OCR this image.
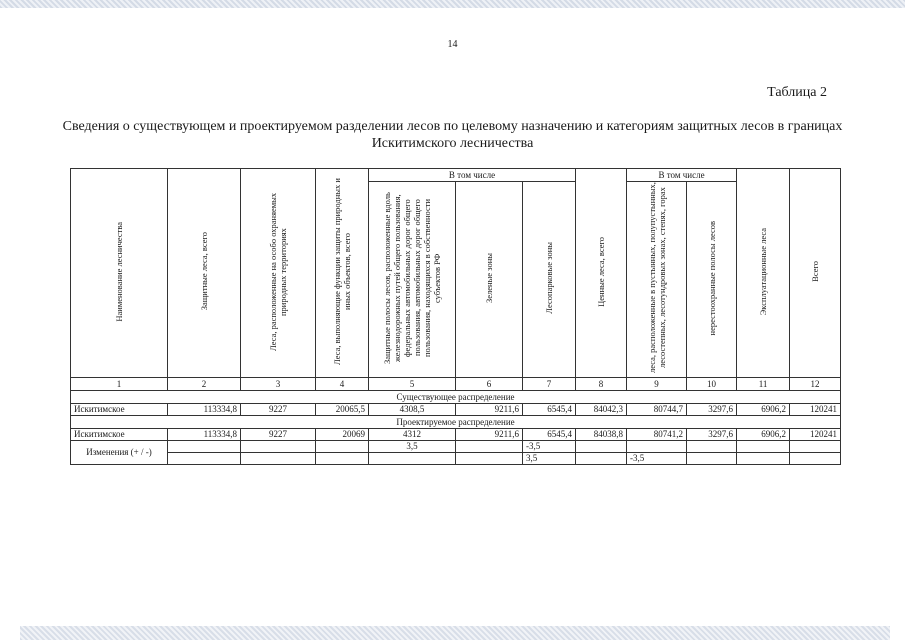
14
Таблица 2
Сведения о существующем и проектируемом разделении лесов по целевому назначению и категориям защитных лесов в границах Искитимского лесничества
Наименование лесничества	Защитные леса, всего	Леса, расположенные на особо охраняемых природных территориях	Леса, выполняющие функции защиты природных и иных объектов, всего	В том числе			Ценные леса, всего	В том числе		Эксплуатационные леса	Всего
				Защитные полосы лесов, расположенные вдоль железнодорожных путей общего пользования, федеральных автомобильных дорог общего пользования, автомобильных дорог общего пользования, находящихся в собственности субъектов РФ	Зеленые зоны	Лесопарковые зоны		леса, расположенные в пустынных, полупустынных, лесостепных, лесотундровых зонах, степях, горах	нерестоохранные полосы лесов		
1	2	3	4	5	6	7	8	9	10	11	12
Существующее распределение											
Искитимское	113334,8	9227	20065,5	4308,5	9211,6	6545,4	84042,3	80744,7	3297,6	6906,2	120241
Проектируемое распределение											
Искитимское	113334,8	9227	20069	4312	9211,6	6545,4	84038,8	80741,2	3297,6	6906,2	120241
Изменения (+ / -)				3,5		-3,5					
						3,5		-3,5			
